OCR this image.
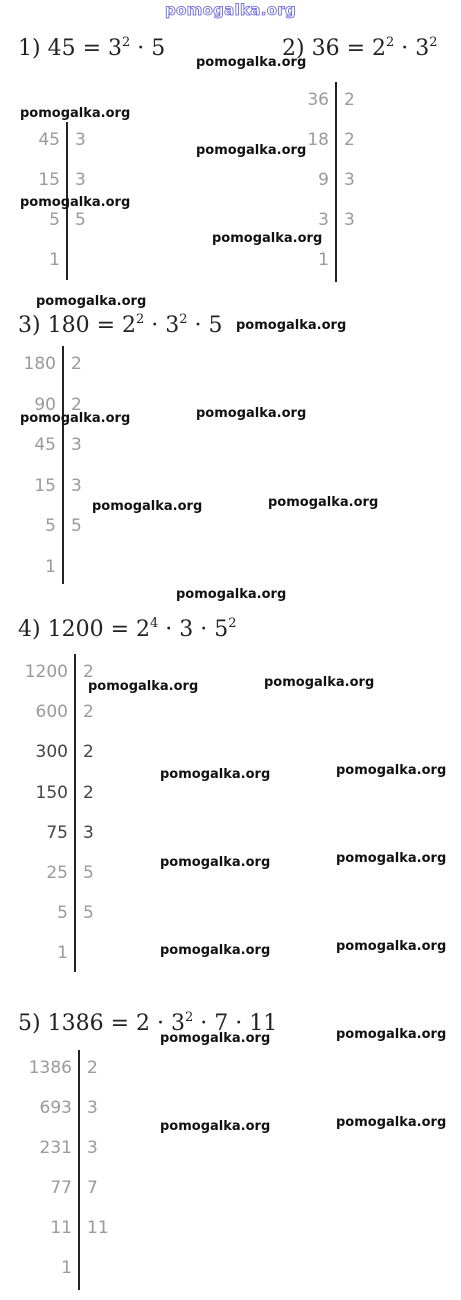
pomogalka.org
1) $45 = 3^2 \cdot 5$
45 3
15 3
5 5
1
2) $36 = 2^2 \cdot 3^2$
36 2
18 2
9 3
3 3
1
3) $180 = 2^2 \cdot 3^2 \cdot 5$
180 2
90 2
45 3
15 3
5 5
1
4) $1200 = 2^4 \cdot 3 \cdot 5^2$
1200 2
600 2
300 2
150 2
75 3
25 5
5 5
1
5) $1386 = 2 \cdot 3^2 \cdot 7 \cdot 11$
1386 2
693 3
231 3
77 7
11 11
1
pomogalka.org
pomogalka.org
pomogalka.org
pomogalka.org
pomogalka.org
pomogalka.org
pomogalka.org
pomogalka.org	pomogalka.org
pomogalka.org	pomogalka.org
pomogalka.org
pomogalka.org	pomogalka.org
pomogalka.org	pomogalka.org
pomogalka.org	pomogalka.org
pomogalka.org	pomogalka.org
pomogalka.org	pomogalka.org
pomogalka.org	pomogalka.org
